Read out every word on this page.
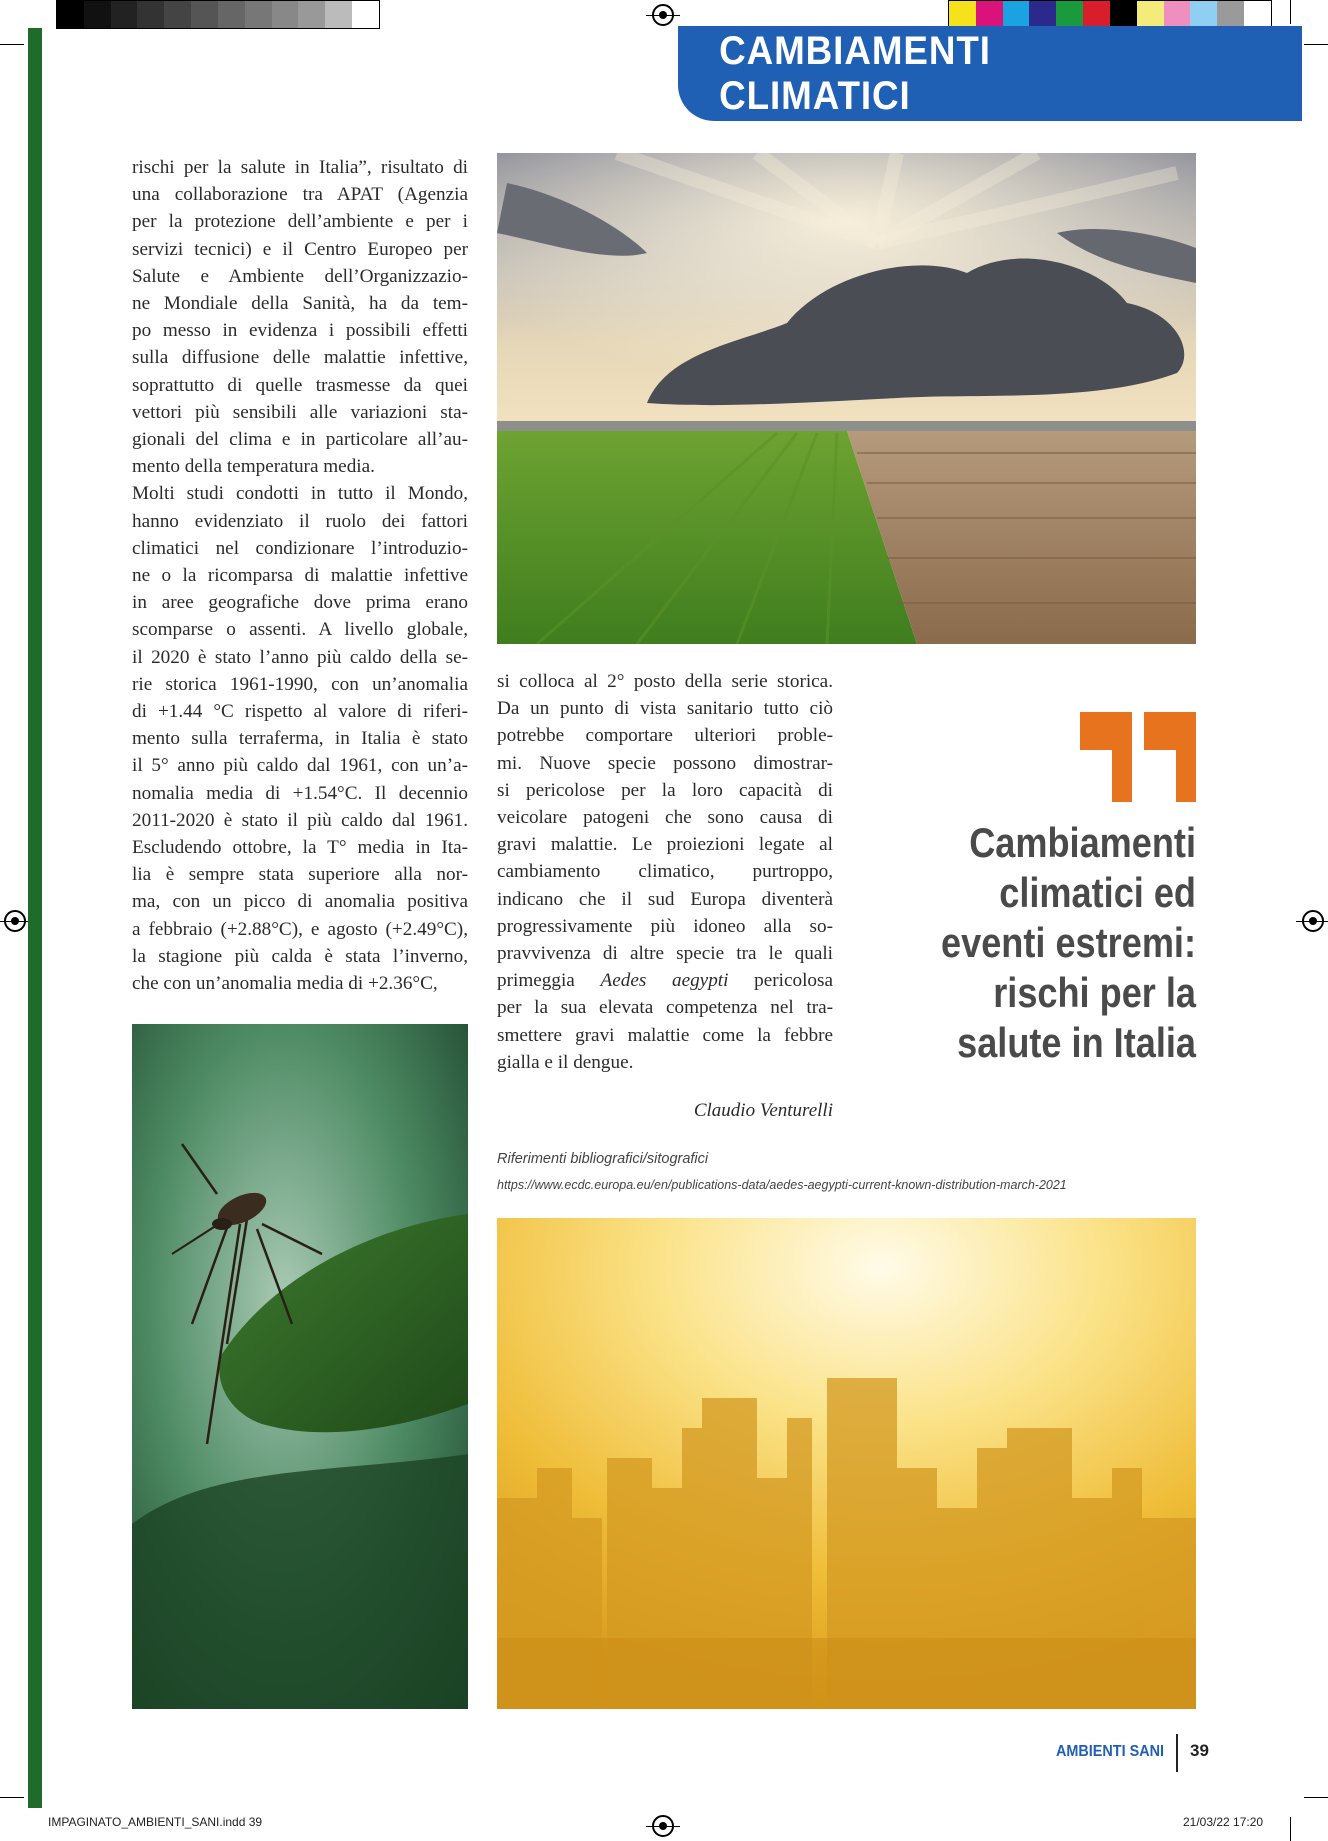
CAMBIAMENTI CLIMATICI
rischi per la salute in Italia”, risultato di
una collaborazione tra APAT (Agenzia
per la protezione dell’ambiente e per i
servizi tecnici) e il Centro Europeo per
Salute e Ambiente dell’Organizzazio-
ne Mondiale della Sanità, ha da tem-
po messo in evidenza i possibili effetti
sulla diffusione delle malattie infettive,
soprattutto di quelle trasmesse da quei
vettori più sensibili alle variazioni sta-
gionali del clima e in particolare all’au-
mento della temperatura media.
Molti studi condotti in tutto il Mondo,
hanno evidenziato il ruolo dei fattori
climatici nel condizionare l’introduzio-
ne o la ricomparsa di malattie infettive
in aree geografiche dove prima erano
scomparse o assenti. A livello globale,
il 2020 è stato l’anno più caldo della se-
rie storica 1961-1990, con un’anomalia
di +1.44 °C rispetto al valore di riferi-
mento sulla terraferma, in Italia è stato
il 5° anno più caldo dal 1961, con un’a-
nomalia media di +1.54°C. Il decennio
2011-2020 è stato il più caldo dal 1961.
Escludendo ottobre, la T° media in Ita-
lia è sempre stata superiore alla nor-
ma, con un picco di anomalia positiva
a febbraio (+2.88°C), e agosto (+2.49°C),
la stagione più calda è stata l’inverno,
che con un’anomalia media di +2.36°C,
si colloca al 2° posto della serie storica.
Da un punto di vista sanitario tutto ciò
potrebbe comportare ulteriori proble-
mi. Nuove specie possono dimostrar-
si pericolose per la loro capacità di
veicolare patogeni che sono causa di
gravi malattie. Le proiezioni legate al
cambiamento climatico, purtroppo,
indicano che il sud Europa diventerà
progressivamente più idoneo alla so-
pravvivenza di altre specie tra le quali
primeggia Aedes aegypti pericolosa
per la sua elevata competenza nel tra-
smettere gravi malattie come la febbre
gialla e il dengue.
Cambiamenti
climatici ed
eventi estremi:
rischi per la
salute in Italia
Claudio Venturelli
Riferimenti bibliografici/sitografici
https://www.ecdc.europa.eu/en/publications-data/aedes-aegypti-current-known-distribution-march-2021
AMBIENTI SANI 39
IMPAGINATO_AMBIENTI_SANI.indd 39	21/03/22 17:20
